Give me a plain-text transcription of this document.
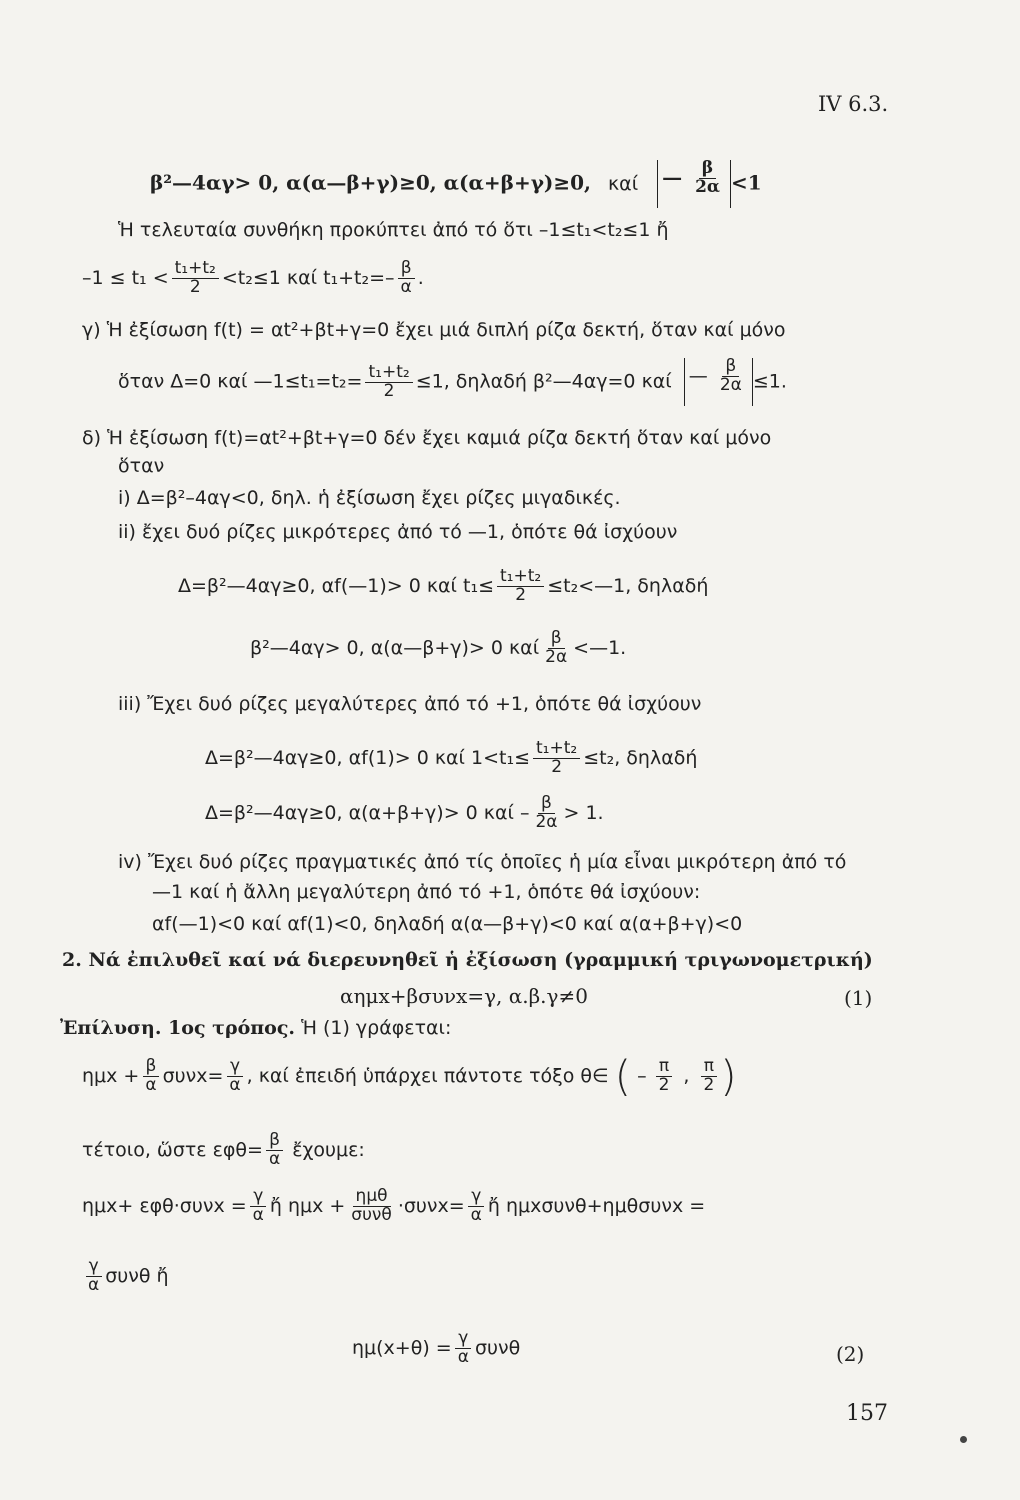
IV 6.3.
β²—4αγ> 0, α(α—β+γ)≥0, α(α+β+γ)≥0, καί — $\frac{\beta}{2\alpha} <1$
Ἡ τελευταία συνθήκη προκύπτει ἀπό τό ὅτι –1≤t₁<t₂≤1 ἤ
$-1 \le t_1 < \frac{\text{t₁+t₂}}{2} <t_2\le 1$ καί $t_1+t_2=- \frac{\beta}{\alpha}$ .
γ) Ἡ ἐξίσωση f(t) = αt²+βt+γ=0 ἔχει μιά διπλή ρίζα δεκτή, ὅταν καί μόνο
ὅταν Δ=0 καί —1≤t₁=t₂= $\frac{\text{t₁+t₂}}{2} \le 1$, δηλαδή β²—4αγ=0 καί — $\frac{\beta}{2\alpha} \le 1$.
δ) Ἡ ἐξίσωση f(t)=αt²+βt+γ=0 δέν ἔχει καμιά ρίζα δεκτή ὅταν καί μόνο
ὅταν
i) Δ=β²–4αγ<0, δηλ. ἡ ἐξίσωση ἔχει ρίζες μιγαδικές.
ii) ἔχει δυό ρίζες μικρότερες ἀπό τό —1, ὁπότε θά ἰσχύουν
Δ=β²—4αγ≥0, αf(—1)> 0 καί $t_1\le \frac{\text{t₁+t₂}}{2}$ ≤t₂<—1, δηλαδή
β²—4αγ> 0, α(α—β+γ)> 0 καί $\frac{\beta}{2\alpha}$ <—1.
iii) Ἔχει δυό ρίζες μεγαλύτερες ἀπό τό +1, ὁπότε θά ἰσχύουν
Δ=β²—4αγ≥0, αf(1)> 0 καί $1<t_1\le \frac{\text{t₁+t₂}}{2} \le t_2$, δηλαδή
Δ=β²—4αγ≥0, α(α+β+γ)> 0 $\kappa\alpha ί - \frac{\beta}{2\alpha} > 1$.
iv) Ἔχει δυό ρίζες πραγματικές ἀπό τίς ὁποῖες ἡ μία εἶναι μικρότερη ἀπό τό
—1 καί ἡ ἄλλη μεγαλύτερη ἀπό τό +1, ὁπότε θά ἰσχύουν:
αf(—1)<0 καί αf(1)<0, δηλαδή α(α—β+γ)<0 καί α(α+β+γ)<0
2. Νά ἐπιλυθεῖ καί νά διερευνηθεῖ ἡ ἐξίσωση (γραμμική τριγωνομετρική)
αημx+βσυνx=γ, α.β.γ≠0	(1)
Ἐπίλυση. 1ος τρόπος. Ἡ (1) γράφεται:
$\eta\mu x + \frac{\beta}{\alpha} \sigma\upsilon\nu x= \frac{\gamma}{\alpha}$ , καί ἐπειδή ὑπάρχει πάντοτε τόξο θ∈ ( – $\frac{\pi}{2}$ , $\frac{\pi}{2}$ )
τέτοιο, ὥστε $\varepsilon\varphi\theta= \frac{\beta}{\alpha}$ ἔχουμε:
$\eta\mu x+ \varepsilon\varphi\theta\cdot\sigma\upsilon\nu x = \frac{\gamma}{\alpha}$ ἤ $\eta\mu x + \frac{\text{ημθ}}{\text{συνθ}} \cdot\sigma\upsilon\nu x= \frac{\gamma}{\alpha}$ ἤ ημxσυνθ+ημθσυνx =
$\frac{\gamma}{\alpha}$ συνθ ἤ
$\eta\mu(x+\theta) = \frac{\gamma}{\alpha}$ συνθ	(2)
157
